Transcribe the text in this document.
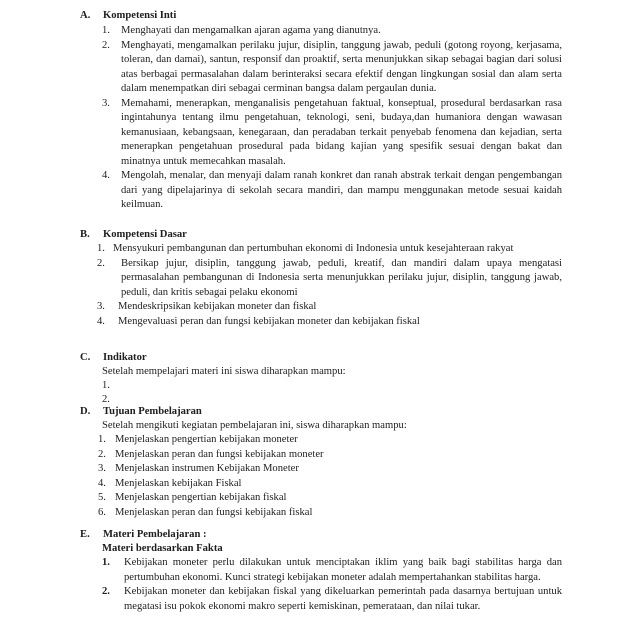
A. Kompetensi Inti
1. Menghayati dan mengamalkan ajaran agama yang dianutnya.
2. Menghayati, mengamalkan perilaku jujur, disiplin, tanggung jawab, peduli (gotong royong, kerjasama, toleran, dan damai), santun, responsif dan proaktif, serta menunjukkan sikap sebagai bagian dari solusi atas berbagai permasalahan dalam berinteraksi secara efektif dengan lingkungan sosial dan alam serta dalam menempatkan diri sebagai cerminan bangsa dalam pergaulan dunia.
3. Memahami, menerapkan, menganalisis pengetahuan faktual, konseptual, prosedural berdasarkan rasa ingintahunya tentang ilmu pengetahuan, teknologi, seni, budaya,dan humaniora dengan wawasan kemanusiaan, kebangsaan, kenegaraan, dan peradaban terkait penyebab fenomena dan kejadian, serta menerapkan pengetahuan prosedural pada bidang kajian yang spesifik sesuai dengan bakat dan minatnya untuk memecahkan masalah.
4. Mengolah, menalar, dan menyaji dalam ranah konkret dan ranah abstrak terkait dengan pengembangan dari yang dipelajarinya di sekolah secara mandiri, dan mampu menggunakan metode sesuai kaidah keilmuan.
B. Kompetensi Dasar
1. Mensyukuri pembangunan dan pertumbuhan ekonomi di Indonesia untuk kesejahteraan rakyat
2. Bersikap jujur, disiplin, tanggung jawab, peduli, kreatif, dan mandiri dalam upaya mengatasi permasalahan pembangunan di Indonesia serta menunjukkan perilaku jujur, disiplin, tanggung jawab, peduli, dan kritis sebagai pelaku ekonomi
3. Mendeskripsikan kebijakan moneter dan fiskal
4. Mengevaluasi peran dan fungsi kebijakan moneter dan kebijakan fiskal
C. Indikator
Setelah mempelajari materi ini siswa diharapkan mampu:
1.
2.
D. Tujuan Pembelajaran
Setelah mengikuti kegiatan pembelajaran ini, siswa diharapkan mampu:
1. Menjelaskan pengertian kebijakan moneter
2. Menjelaskan peran dan fungsi kebijakan moneter
3. Menjelaskan instrumen Kebijakan Moneter
4. Menjelaskan kebijakan Fiskal
5. Menjelaskan pengertian kebijakan fiskal
6. Menjelaskan peran dan fungsi kebijakan fiskal
E. Materi Pembelajaran :
Materi berdasarkan Fakta
1. Kebijakan moneter perlu dilakukan untuk menciptakan iklim yang baik bagi stabilitas harga dan pertumbuhan ekonomi. Kunci strategi kebijakan moneter adalah mempertahankan stabilitas harga.
2. Kebijakan moneter dan kebijakan fiskal yang dikeluarkan pemerintah pada dasarnya bertujuan untuk megatasi isu pokok ekonomi makro seperti kemiskinan, pemerataan, dan nilai tukar.
